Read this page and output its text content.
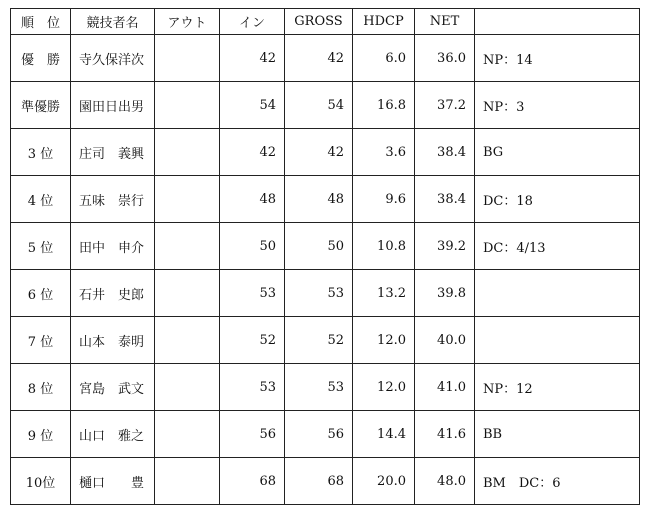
順　位	競技者名	アウト	イン	GROSS	HDCP	NET	
優　勝	寺久保洋次		42	42	6.0	36.0	NP：14
準優勝	園田日出男		54	54	16.8	37.2	NP：3
3 位	庄司　義興		42	42	3.6	38.4	BG
4 位	五味　崇行		48	48	9.6	38.4	DC：18
5 位	田中　申介		50	50	10.8	39.2	DC：4/13
6 位	石井　史郎		53	53	13.2	39.8	
7 位	山本　泰明		52	52	12.0	40.0	
8 位	宮島　武文		53	53	12.0	41.0	NP：12
9 位	山口　雅之		56	56	14.4	41.6	BB
10位	樋口　　豊		68	68	20.0	48.0	BM　DC：6
